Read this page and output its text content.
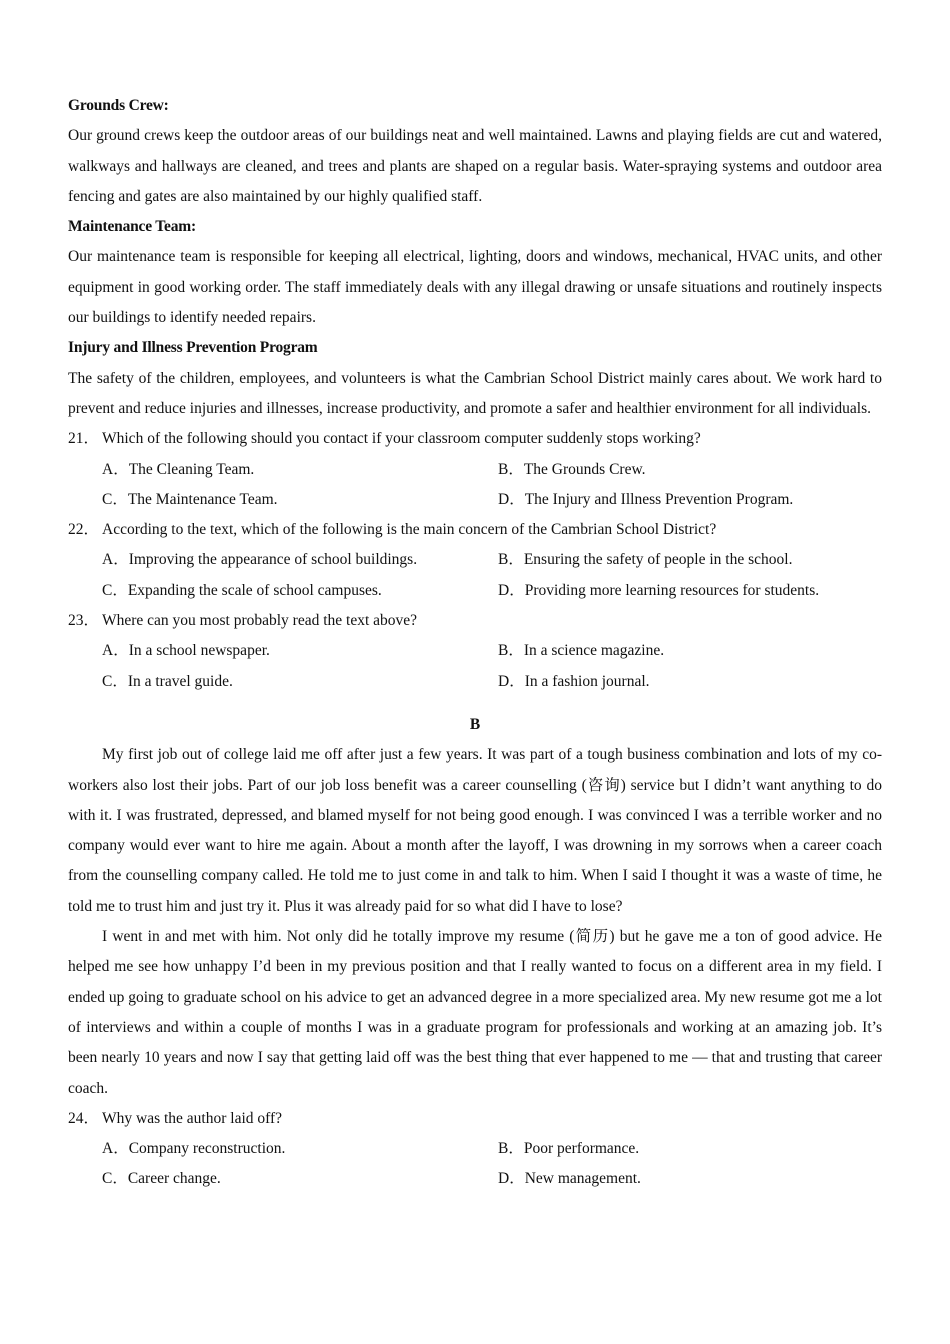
Grounds Crew:
Our ground crews keep the outdoor areas of our buildings neat and well maintained. Lawns and playing fields are cut and watered, walkways and hallways are cleaned, and trees and plants are shaped on a regular basis. Water-spraying systems and outdoor area fencing and gates are also maintained by our highly qualified staff.
Maintenance Team:
Our maintenance team is responsible for keeping all electrical, lighting, doors and windows, mechanical, HVAC units, and other equipment in good working order. The staff immediately deals with any illegal drawing or unsafe situations and routinely inspects our buildings to identify needed repairs.
Injury and Illness Prevention Program
The safety of the children, employees, and volunteers is what the Cambrian School District mainly cares about. We work hard to prevent and reduce injuries and illnesses, increase productivity, and promote a safer and healthier environment for all individuals.
21． Which of the following should you contact if your classroom computer suddenly stops working?
A．The Cleaning Team.	B．The Grounds Crew.
C．The Maintenance Team.	D．The Injury and Illness Prevention Program.
22． According to the text, which of the following is the main concern of the Cambrian School District?
A．Improving the appearance of school buildings.	B．Ensuring the safety of people in the school.
C．Expanding the scale of school campuses.	D．Providing more learning resources for students.
23． Where can you most probably read the text above?
A．In a school newspaper.	B．In a science magazine.
C．In a travel guide.	D．In a fashion journal.
B
My first job out of college laid me off after just a few years. It was part of a tough business combination and lots of my co-workers also lost their jobs. Part of our job loss benefit was a career counselling (咨询) service but I didn’t want anything to do with it. I was frustrated, depressed, and blamed myself for not being good enough. I was convinced I was a terrible worker and no company would ever want to hire me again. About a month after the layoff, I was drowning in my sorrows when a career coach from the counselling company called. He told me to just come in and talk to him. When I said I thought it was a waste of time, he told me to trust him and just try it. Plus it was already paid for so what did I have to lose?
I went in and met with him. Not only did he totally improve my resume (简历) but he gave me a ton of good advice. He helped me see how unhappy I’d been in my previous position and that I really wanted to focus on a different area in my field. I ended up going to graduate school on his advice to get an advanced degree in a more specialized area. My new resume got me a lot of interviews and within a couple of months I was in a graduate program for professionals and working at an amazing job. It’s been nearly 10 years and now I say that getting laid off was the best thing that ever happened to me — that and trusting that career coach.
24． Why was the author laid off?
A．Company reconstruction.	B．Poor performance.
C．Career change.	D．New management.
